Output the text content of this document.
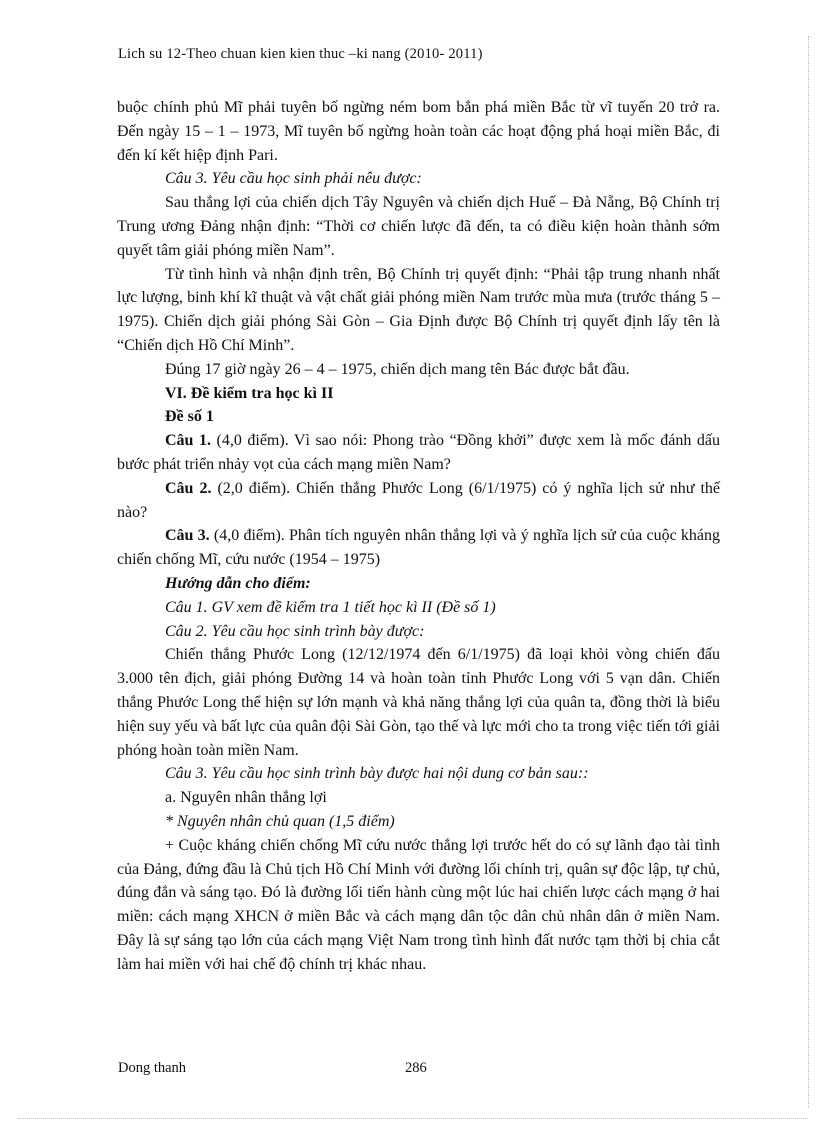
Lich su 12-Theo chuan kien kien thuc –ki nang (2010- 2011)

buộc chính phủ Mĩ phải tuyên bố ngừng ném bom bắn phá miền Bắc từ vĩ tuyến 20 trở ra. Đến ngày 15 – 1 – 1973, Mĩ tuyên bố ngừng hoàn toàn các hoạt động phá hoại miền Bắc, đi đến kí kết hiệp định Pari.

Câu 3. Yêu cầu học sinh phải nêu được:

Sau thắng lợi của chiến dịch Tây Nguyên và chiến dịch Huế – Đà Nẵng, Bộ Chính trị Trung ương Đảng nhận định: “Thời cơ chiến lược đã đến, ta có điều kiện hoàn thành sớm quyết tâm giải phóng miền Nam”.

Từ tình hình và nhận định trên, Bộ Chính trị quyết định: “Phải tập trung nhanh nhất lực lượng, binh khí kĩ thuật và vật chất giải phóng miền Nam trước mùa mưa (trước tháng 5 – 1975). Chiến dịch giải phóng Sài Gòn – Gia Định được Bộ Chính trị quyết định lấy tên là “Chiến dịch Hồ Chí Minh”.

Đúng 17 giờ ngày 26 – 4 – 1975, chiến dịch mang tên Bác được bắt đầu.

VI. Đề kiểm tra học kì II

Đề số 1

Câu 1. (4,0 điểm). Vì sao nói: Phong trào “Đồng khởi” được xem là mốc đánh dấu bước phát triển nhảy vọt của cách mạng miền Nam?

Câu 2. (2,0 điểm). Chiến thắng Phước Long (6/1/1975) có ý nghĩa lịch sử như thế nào?

Câu 3. (4,0 điểm). Phân tích nguyên nhân thắng lợi và ý nghĩa lịch sử của cuộc kháng chiến chống Mĩ, cứu nước (1954 – 1975)

Hướng dẫn cho điểm:

Câu 1. GV xem đề kiểm tra 1 tiết học kì II (Đề số 1)

Câu 2. Yêu cầu học sinh trình bày được:

Chiến thắng Phước Long (12/12/1974 đến 6/1/1975) đã loại khỏi vòng chiến đấu 3.000 tên địch, giải phóng Đường 14 và hoàn toàn tỉnh Phước Long với 5 vạn dân. Chiến thắng Phước Long thể hiện sự lớn mạnh và khả năng thắng lợi của quân ta, đồng thời là biểu hiện suy yếu và bất lực của quân đội Sài Gòn, tạo thế và lực mới cho ta trong việc tiến tới giải phóng hoàn toàn miền Nam.

Câu 3. Yêu cầu học sinh trình bày được hai nội dung cơ bản sau::

a. Nguyên nhân thắng lợi

* Nguyên nhân chủ quan (1,5 điểm)

+ Cuộc kháng chiến chống Mĩ cứu nước thắng lợi trước hết do có sự lãnh đạo tài tình của Đảng, đứng đầu là Chủ tịch Hồ Chí Minh với đường lối chính trị, quân sự độc lập, tự chủ, đúng đắn và sáng tạo. Đó là đường lối tiến hành cùng một lúc hai chiến lược cách mạng ở hai miền: cách mạng XHCN ở miền Bắc và cách mạng dân tộc dân chủ nhân dân ở miền Nam. Đây là sự sáng tạo lớn của cách mạng Việt Nam trong tình hình đất nước tạm thời bị chia cắt làm hai miền với hai chế độ chính trị khác nhau.

Dong thanh	286
